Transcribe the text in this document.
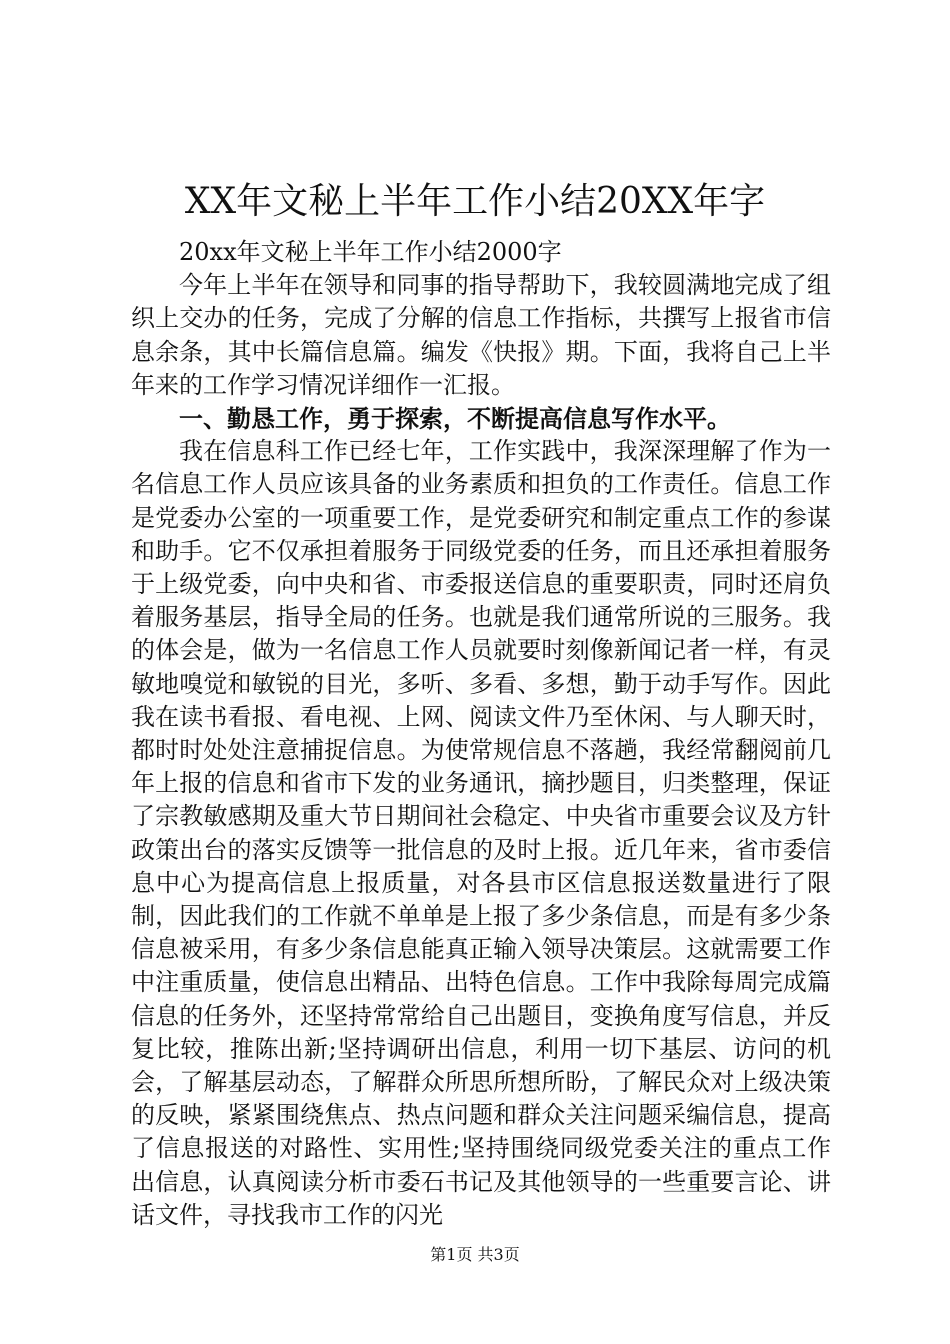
XX年文秘上半年工作小结20XX年字

20xx年文秘上半年工作小结2000字

今年上半年在领导和同事的指导帮助下，我较圆满地完成了组织上交办的任务，完成了分解的信息工作指标，共撰写上报省市信息余条，其中长篇信息篇。编发《快报》期。下面，我将自己上半年来的工作学习情况详细作一汇报。

一、勤恳工作，勇于探索，不断提高信息写作水平。

我在信息科工作已经七年，工作实践中，我深深理解了作为一名信息工作人员应该具备的业务素质和担负的工作责任。信息工作是党委办公室的一项重要工作，是党委研究和制定重点工作的参谋和助手。它不仅承担着服务于同级党委的任务，而且还承担着服务于上级党委，向中央和省、市委报送信息的重要职责，同时还肩负着服务基层，指导全局的任务。也就是我们通常所说的三服务。我的体会是，做为一名信息工作人员就要时刻像新闻记者一样，有灵敏地嗅觉和敏锐的目光，多听、多看、多想，勤于动手写作。因此我在读书看报、看电视、上网、阅读文件乃至休闲、与人聊天时，都时时处处注意捕捉信息。为使常规信息不落趟，我经常翻阅前几年上报的信息和省市下发的业务通讯，摘抄题目，归类整理，保证了宗教敏感期及重大节日期间社会稳定、中央省市重要会议及方针政策出台的落实反馈等一批信息的及时上报。近几年来，省市委信息中心为提高信息上报质量，对各县市区信息报送数量进行了限制，因此我们的工作就不单单是上报了多少条信息，而是有多少条信息被采用，有多少条信息能真正输入领导决策层。这就需要工作中注重质量，使信息出精品、出特色信息。工作中我除每周完成篇信息的任务外，还坚持常常给自己出题目，变换角度写信息，并反复比较，推陈出新;坚持调研出信息，利用一切下基层、访问的机会，了解基层动态，了解群众所思所想所盼，了解民众对上级决策的反映，紧紧围绕焦点、热点问题和群众关注问题采编信息，提高了信息报送的对路性、实用性;坚持围绕同级党委关注的重点工作出信息，认真阅读分析市委石书记及其他领导的一些重要言论、讲话文件，寻找我市工作的闪光

第1页 共3页
